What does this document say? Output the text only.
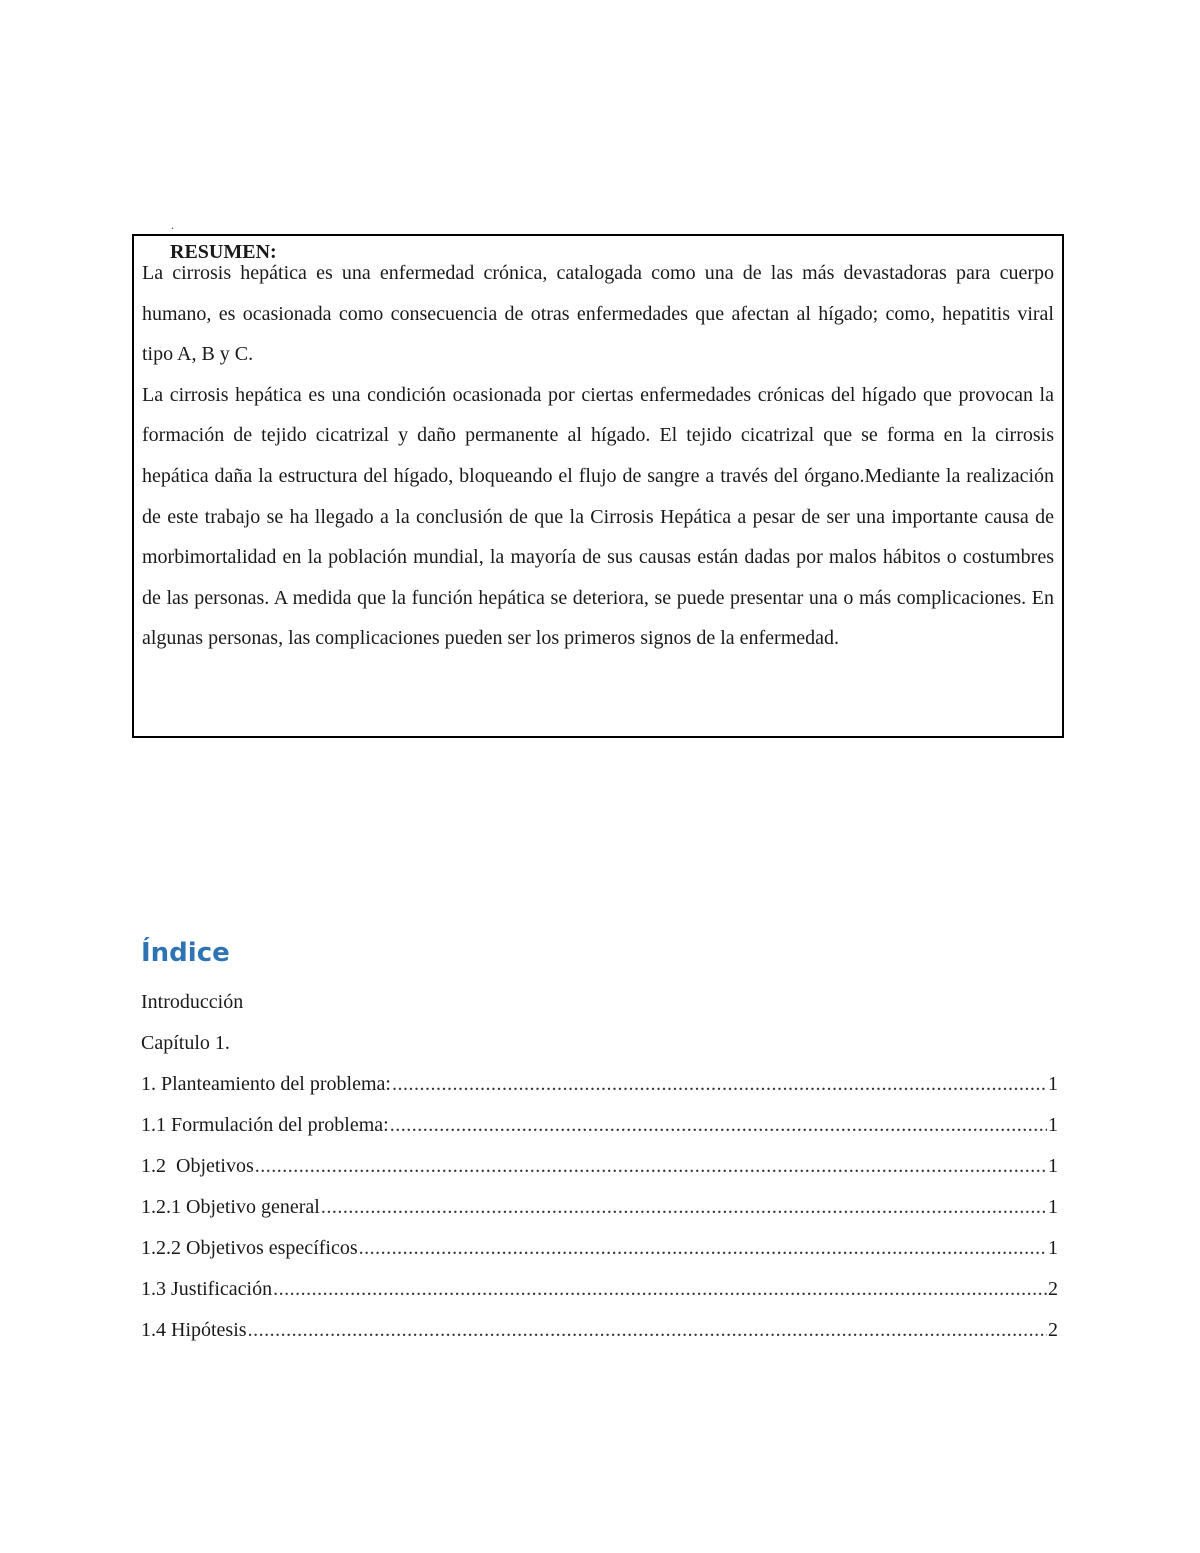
.
RESUMEN:

La cirrosis hepática es una enfermedad crónica, catalogada como una de las más devastadoras para cuerpo humano, es ocasionada como consecuencia de otras enfermedades que afectan al hígado; como, hepatitis viral tipo A, B y C.

La cirrosis hepática es una condición ocasionada por ciertas enfermedades crónicas del hígado que provocan la formación de tejido cicatrizal y daño permanente al hígado. El tejido cicatrizal que se forma en la cirrosis hepática daña la estructura del hígado, bloqueando el flujo de sangre a través del órgano.Mediante la realización de este trabajo se ha llegado a la conclusión de que la Cirrosis Hepática a pesar de ser una importante causa de morbimortalidad en la población mundial, la mayoría de sus causas están dadas por malos hábitos o costumbres de las personas. A medida que la función hepática se deteriora, se puede presentar una o más complicaciones. En algunas personas, las complicaciones pueden ser los primeros signos de la enfermedad.

Índice
Introducción
Capítulo 1.
1. Planteamiento del problema: .....	1
1.1 Formulación del problema: .....	1
1.2  Objetivos .....	1
1.2.1 Objetivo general .....	1
1.2.2 Objetivos específicos .....	1
1.3 Justificación .....	2
1.4 Hipótesis .....	2
